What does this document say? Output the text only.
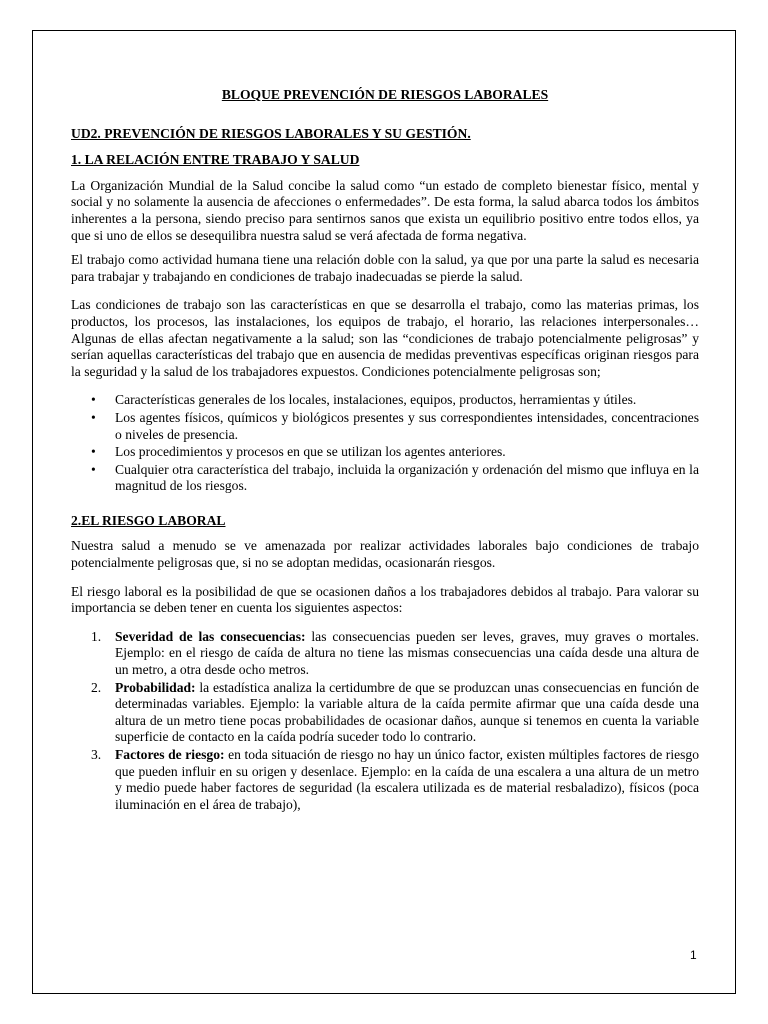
BLOQUE PREVENCIÓN DE RIESGOS LABORALES
UD2. PREVENCIÓN DE RIESGOS LABORALES Y SU GESTIÓN.
1. LA RELACIÓN ENTRE TRABAJO Y SALUD

La Organización Mundial de la Salud concibe la salud como “un estado de completo bienestar físico, mental y social y no solamente la ausencia de afecciones o enfermedades”. De esta forma, la salud abarca todos los ámbitos inherentes a la persona, siendo preciso para sentirnos sanos que exista un equilibrio positivo entre todos ellos, ya que si uno de ellos se desequilibra nuestra salud se verá afectada de forma negativa.

El trabajo como actividad humana tiene una relación doble con la salud, ya que por una parte la salud es necesaria para trabajar y trabajando en condiciones de trabajo inadecuadas se pierde la salud.

Las condiciones de trabajo son las características en que se desarrolla el trabajo, como las materias primas, los productos, los procesos, las instalaciones, los equipos de trabajo, el horario, las relaciones interpersonales…Algunas de ellas afectan negativamente a la salud; son las “condiciones de trabajo potencialmente peligrosas” y serían aquellas características del trabajo que en ausencia de medidas preventivas específicas originan riesgos para la seguridad y la salud de los trabajadores expuestos. Condiciones potencialmente peligrosas son;

• Características generales de los locales, instalaciones, equipos, productos, herramientas y útiles.
• Los agentes físicos, químicos y biológicos presentes y sus correspondientes intensidades, concentraciones o niveles de presencia.
• Los procedimientos y procesos en que se utilizan los agentes anteriores.
• Cualquier otra característica del trabajo, incluida la organización y ordenación del mismo que influya en la magnitud de los riesgos.
2.EL RIESGO LABORAL

Nuestra salud a menudo se ve amenazada por realizar actividades laborales bajo condiciones de trabajo potencialmente peligrosas que, si no se adoptan medidas, ocasionarán riesgos.

El riesgo laboral es la posibilidad de que se ocasionen daños a los trabajadores debidos al trabajo. Para valorar su importancia se deben tener en cuenta los siguientes aspectos:

1. Severidad de las consecuencias: las consecuencias pueden ser leves, graves, muy graves o mortales. Ejemplo: en el riesgo de caída de altura no tiene las mismas consecuencias una caída desde una altura de un metro, a otra desde ocho metros.
2. Probabilidad: la estadística analiza la certidumbre de que se produzcan unas consecuencias en función de determinadas variables. Ejemplo: la variable altura de la caída permite afirmar que una caída desde una altura de un metro tiene pocas probabilidades de ocasionar daños, aunque si tenemos en cuenta la variable superficie de contacto en la caída podría suceder todo lo contrario.
3. Factores de riesgo: en toda situación de riesgo no hay un único factor, existen múltiples factores de riesgo que pueden influir en su origen y desenlace. Ejemplo: en la caída de una escalera a una altura de un metro y medio puede haber factores de seguridad (la escalera utilizada es de material resbaladizo), físicos (poca iluminación en el área de trabajo),
1
